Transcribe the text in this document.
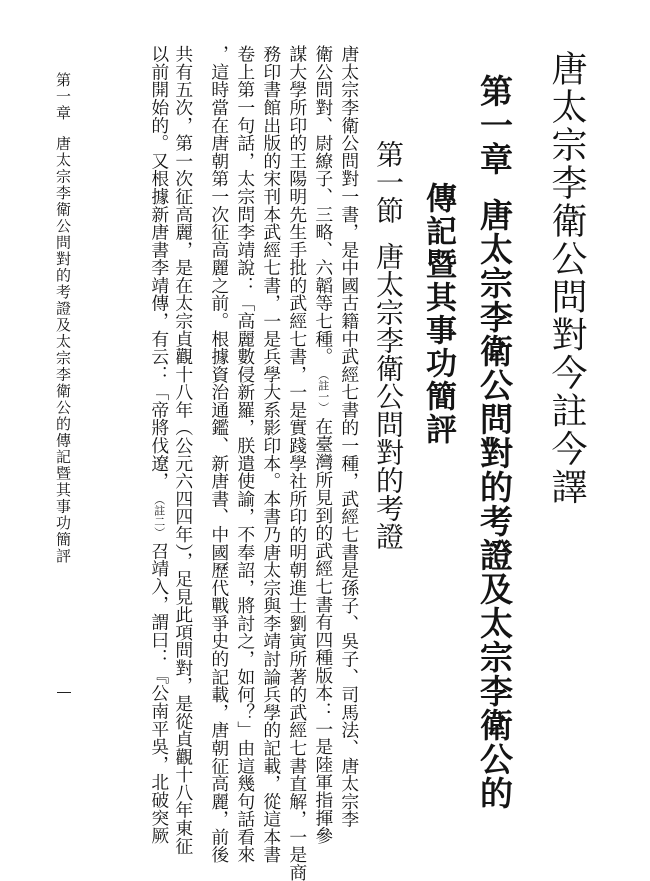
唐太宗李衛公問對今註今譯
第一章唐太宗李衛公問對的考證及太宗李衛公的
傳記暨其事功簡評
第一節唐太宗李衛公問對的考證

唐太宗李衛公問對一書，是中國古籍中武經七書的一種，武經七書是孫子、吳子、司馬法、唐太宗李

衛公問對、尉繚子、三略、六韜等七種。（註一）在臺灣所見到的武經七書有四種版本：一是陸軍指揮參

謀大學所印的王陽明先生手批的武經七書，一是實踐學社所印的明朝進士劉寅所著的武經七書直解，一是商

務印書館出版的宋刊本武經七書，一是兵學大系影印本。本書乃唐太宗與李靖討論兵學的記載，從這本書

卷上第一句話，太宗問李靖說：「高麗數侵新羅，朕遣使諭，不奉詔，將討之，如何？」由這幾句話看來

，這時當在唐朝第一次征高麗之前。根據資治通鑑、新唐書、中國歷代戰爭史的記載，唐朝征高麗，前後

共有五次，第一次征高麗，是在太宗貞觀十八年（公元六四四年），足見此項問對，是從貞觀十八年東征

以前開始的。又根據新唐書李靖傳，有云：「帝將伐遼，（註二）召靖入，謂曰：『公南平吳，北破突厥

第一章唐太宗李衛公問對的考證及太宗李衛公的傳記暨其事功簡評
